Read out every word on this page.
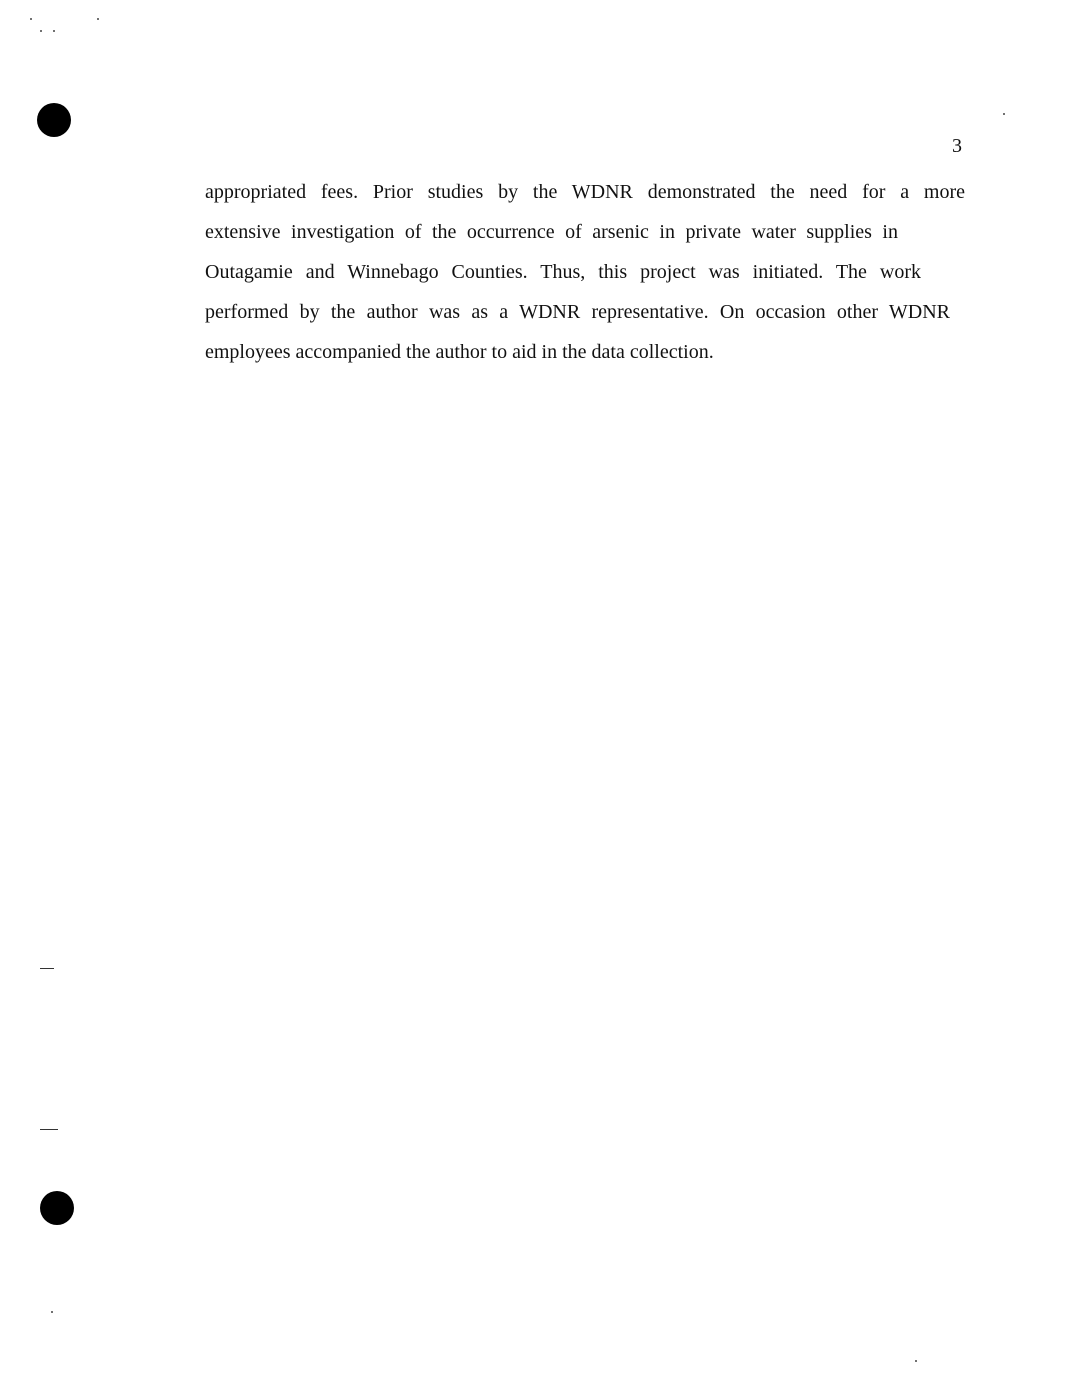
3

appropriated fees. Prior studies by the WDNR demonstrated the need for a more
extensive investigation of the occurrence of arsenic in private water supplies in
Outagamie and Winnebago Counties. Thus, this project was initiated. The work
performed by the author was as a WDNR representative. On occasion other WDNR
employees accompanied the author to aid in the data collection.
